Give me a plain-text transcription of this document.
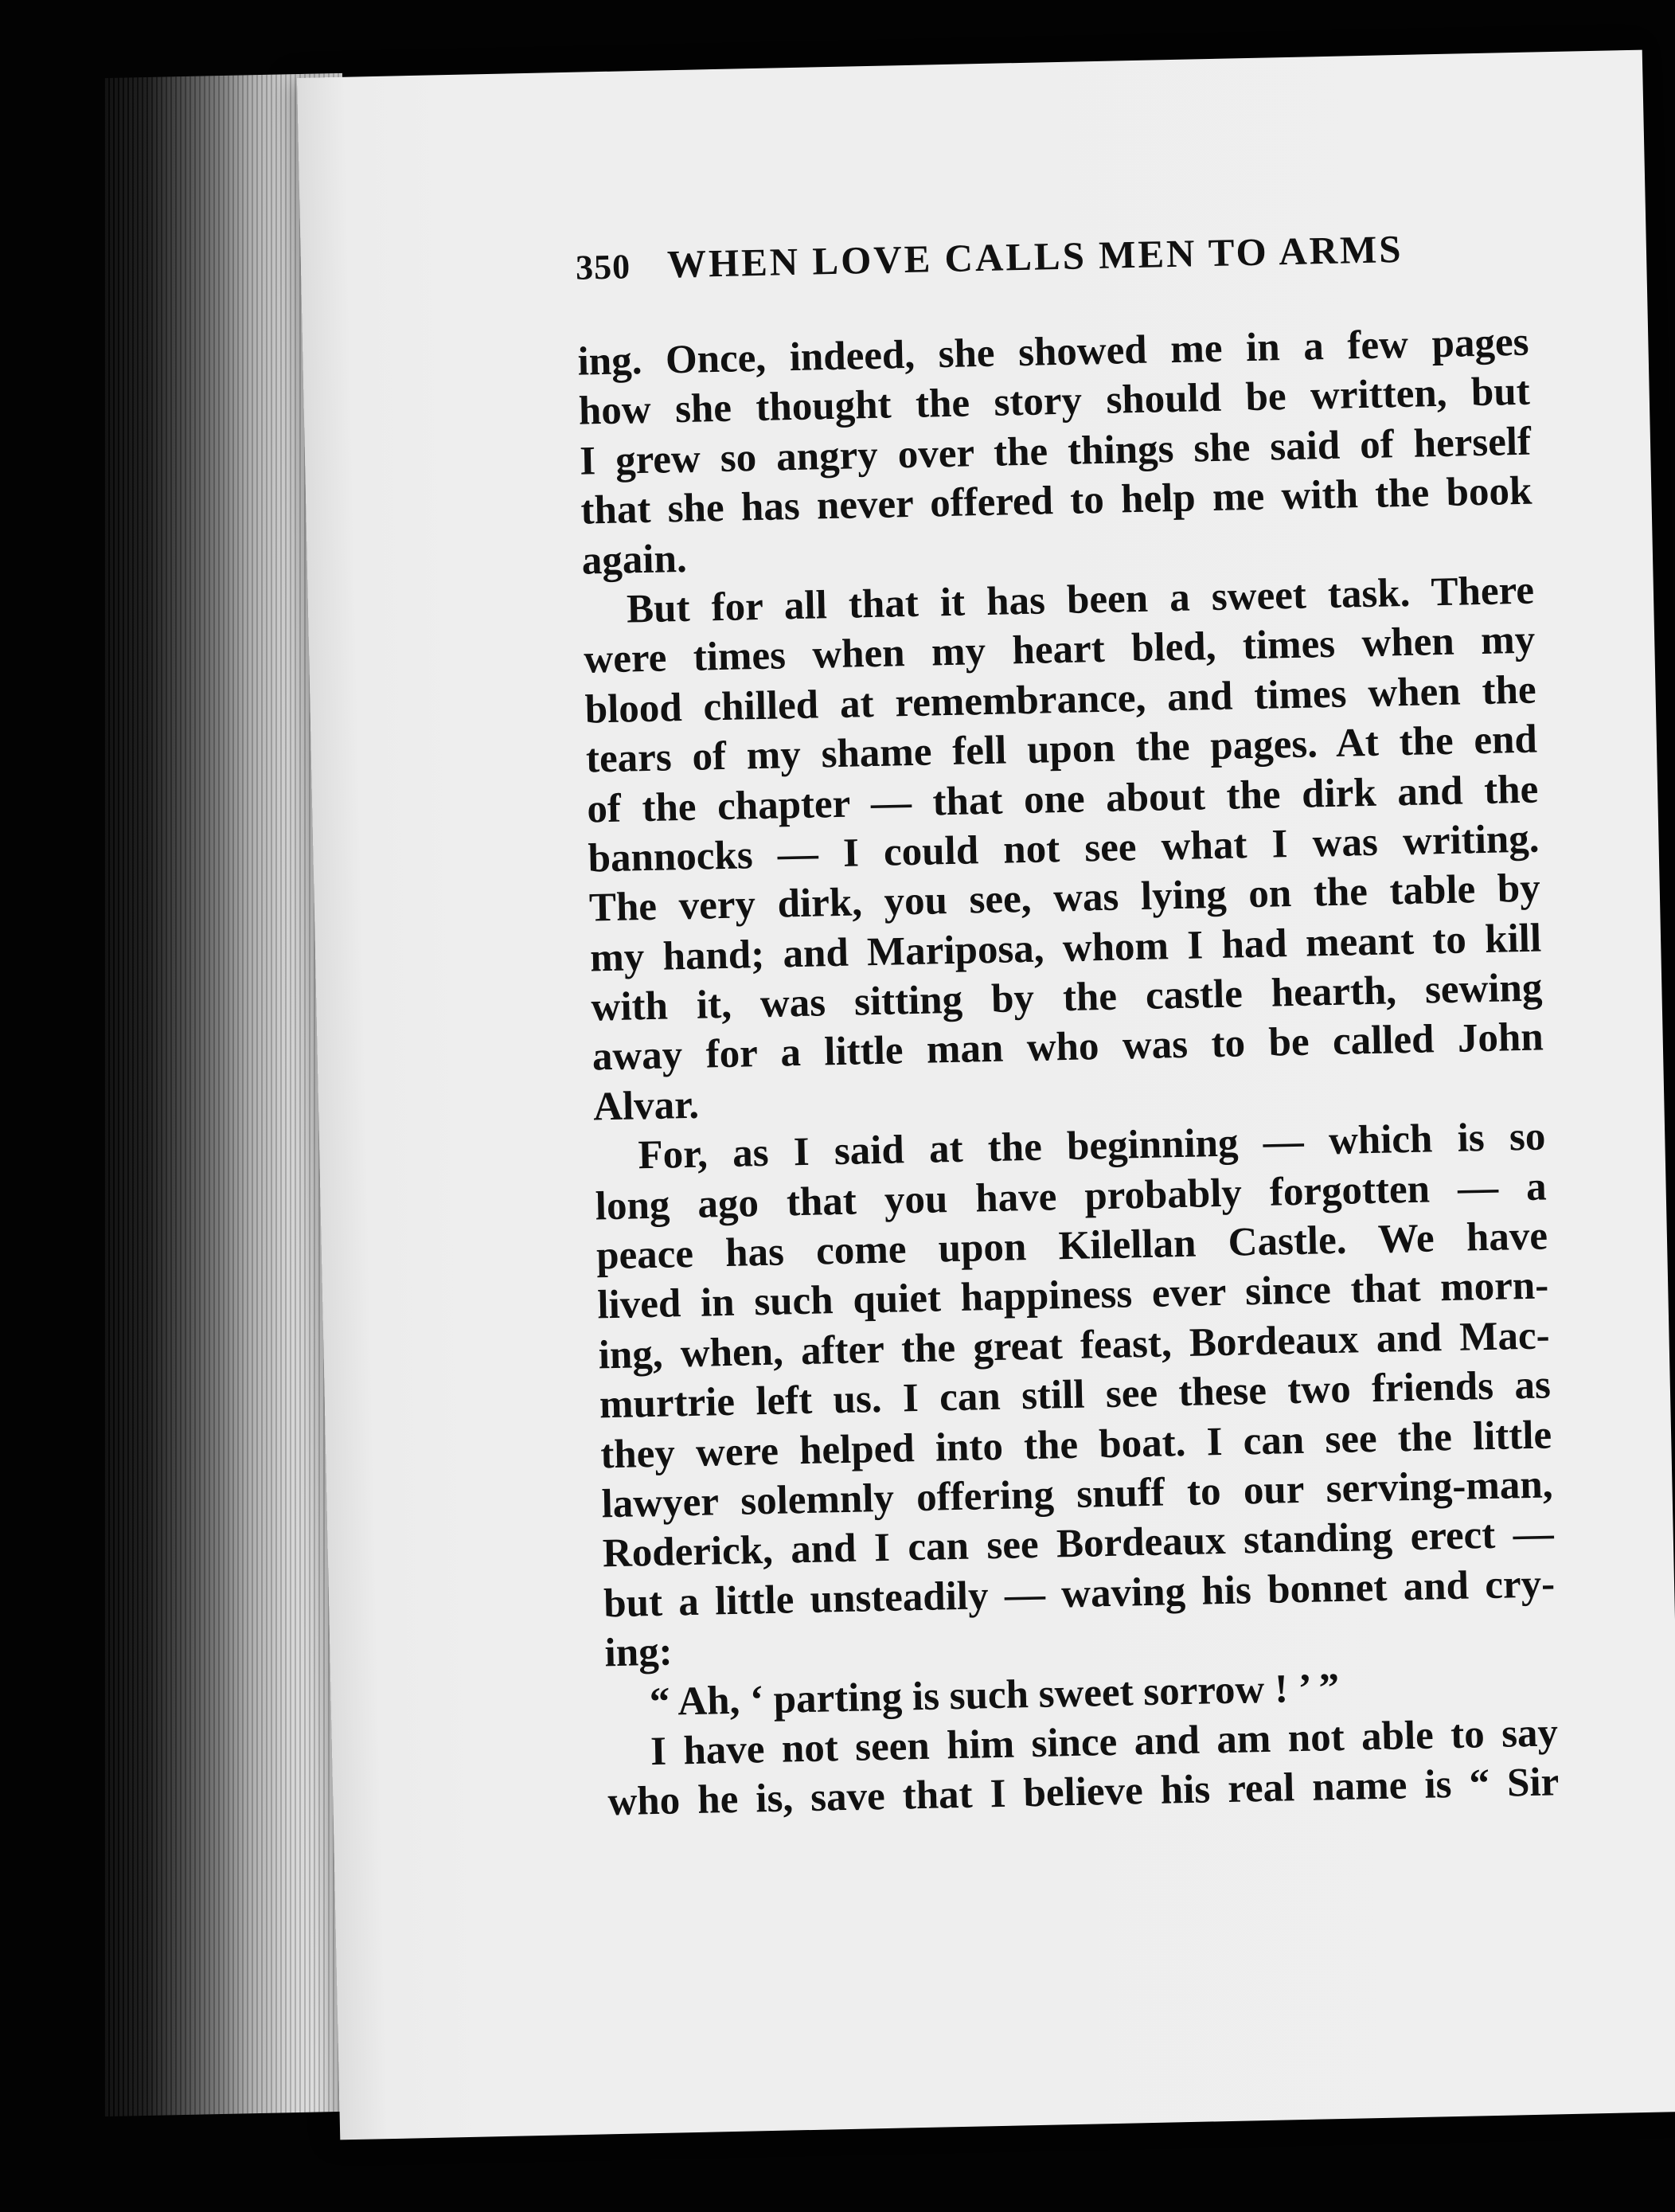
350 WHEN LOVE CALLS MEN TO ARMS
ing. Once, indeed, she showed me in a few pages
how she thought the story should be written, but
I grew so angry over the things she said of herself
that she has never offered to help me with the book
again.
But for all that it has been a sweet task. There
were times when my heart bled, times when my
blood chilled at remembrance, and times when the
tears of my shame fell upon the pages. At the end
of the chapter — that one about the dirk and the
bannocks — I could not see what I was writing.
The very dirk, you see, was lying on the table by
my hand; and Mariposa, whom I had meant to kill
with it, was sitting by the castle hearth, sewing
away for a little man who was to be called John
Alvar.
For, as I said at the beginning — which is so
long ago that you have probably forgotten — a
peace has come upon Kilellan Castle. We have
lived in such quiet happiness ever since that morn-
ing, when, after the great feast, Bordeaux and Mac-
murtrie left us. I can still see these two friends as
they were helped into the boat. I can see the little
lawyer solemnly offering snuff to our serving-man,
Roderick, and I can see Bordeaux standing erect —
but a little unsteadily — waving his bonnet and cry-
ing:
“ Ah, ‘ parting is such sweet sorrow ! ’ ”
I have not seen him since and am not able to say
who he is, save that I believe his real name is “ Sir
